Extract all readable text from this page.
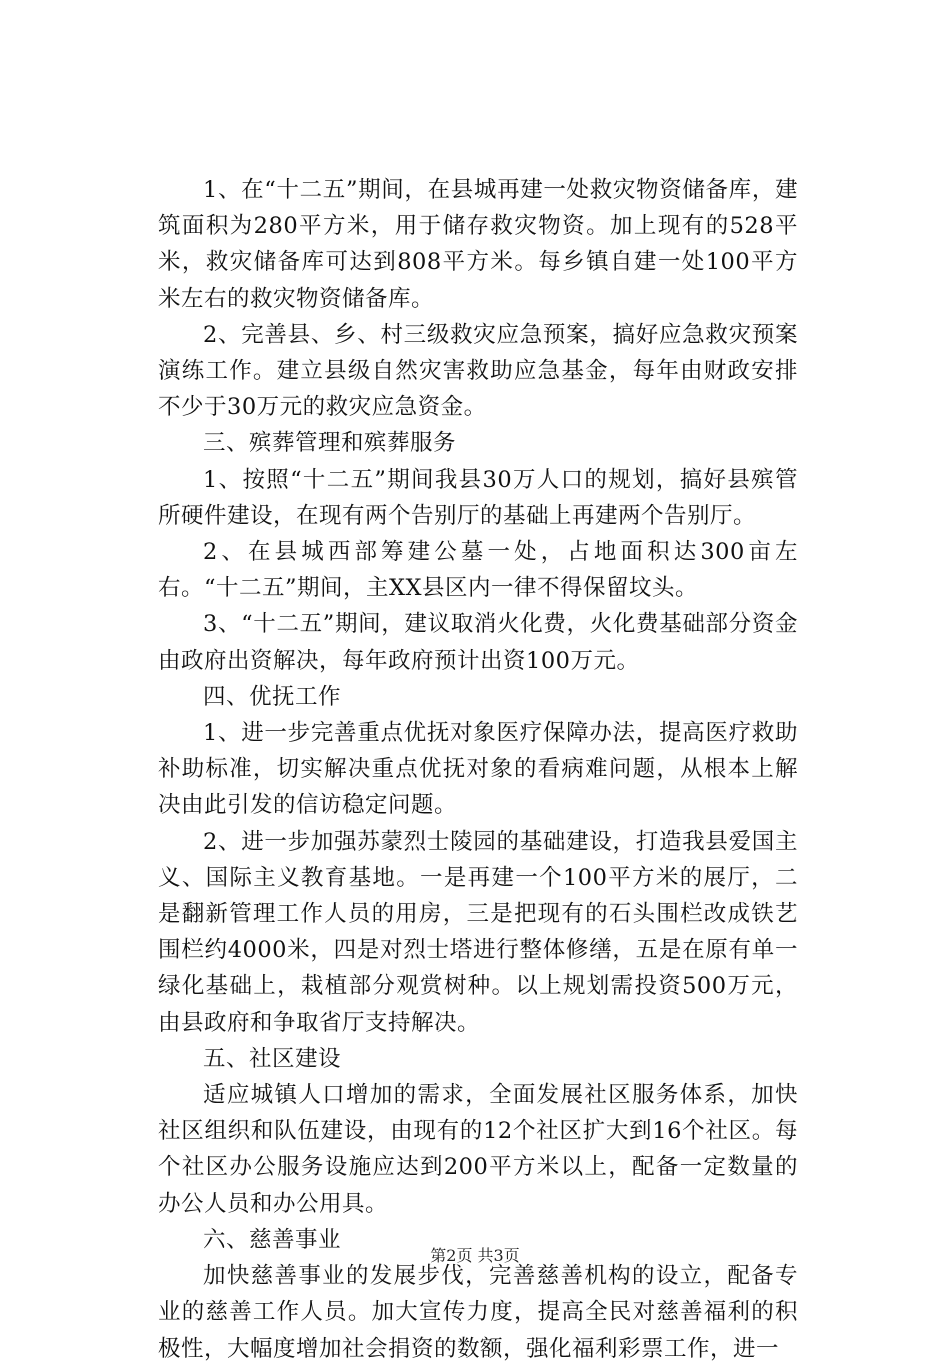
1、在“十二五”期间，在县城再建一处救灾物资储备库，建筑面积为280平方米，用于储存救灾物资。加上现有的528平米，救灾储备库可达到808平方米。每乡镇自建一处100平方米左右的救灾物资储备库。

2、完善县、乡、村三级救灾应急预案，搞好应急救灾预案演练工作。建立县级自然灾害救助应急基金，每年由财政安排不少于30万元的救灾应急资金。

三、殡葬管理和殡葬服务

1、按照“十二五”期间我县30万人口的规划，搞好县殡管所硬件建设，在现有两个告别厅的基础上再建两个告别厅。

2、在县城西部筹建公墓一处，占地面积达300亩左右。“十二五”期间，主XX县区内一律不得保留坟头。

3、“十二五”期间，建议取消火化费，火化费基础部分资金由政府出资解决，每年政府预计出资100万元。

四、优抚工作

1、进一步完善重点优抚对象医疗保障办法，提高医疗救助补助标准，切实解决重点优抚对象的看病难问题，从根本上解决由此引发的信访稳定问题。

2、进一步加强苏蒙烈士陵园的基础建设，打造我县爱国主义、国际主义教育基地。一是再建一个100平方米的展厅，二是翻新管理工作人员的用房，三是把现有的石头围栏改成铁艺围栏约4000米，四是对烈士塔进行整体修缮，五是在原有单一绿化基础上，栽植部分观赏树种。以上规划需投资500万元，由县政府和争取省厅支持解决。

五、社区建设

适应城镇人口增加的需求，全面发展社区服务体系，加快社区组织和队伍建设，由现有的12个社区扩大到16个社区。每个社区办公服务设施应达到200平方米以上，配备一定数量的办公人员和办公用具。

六、慈善事业

加快慈善事业的发展步伐，完善慈善机构的设立，配备专业的慈善工作人员。加大宣传力度，提高全民对慈善福利的积极性，大幅度增加社会捐资的数额，强化福利彩票工作，进一

第2页 共3页
